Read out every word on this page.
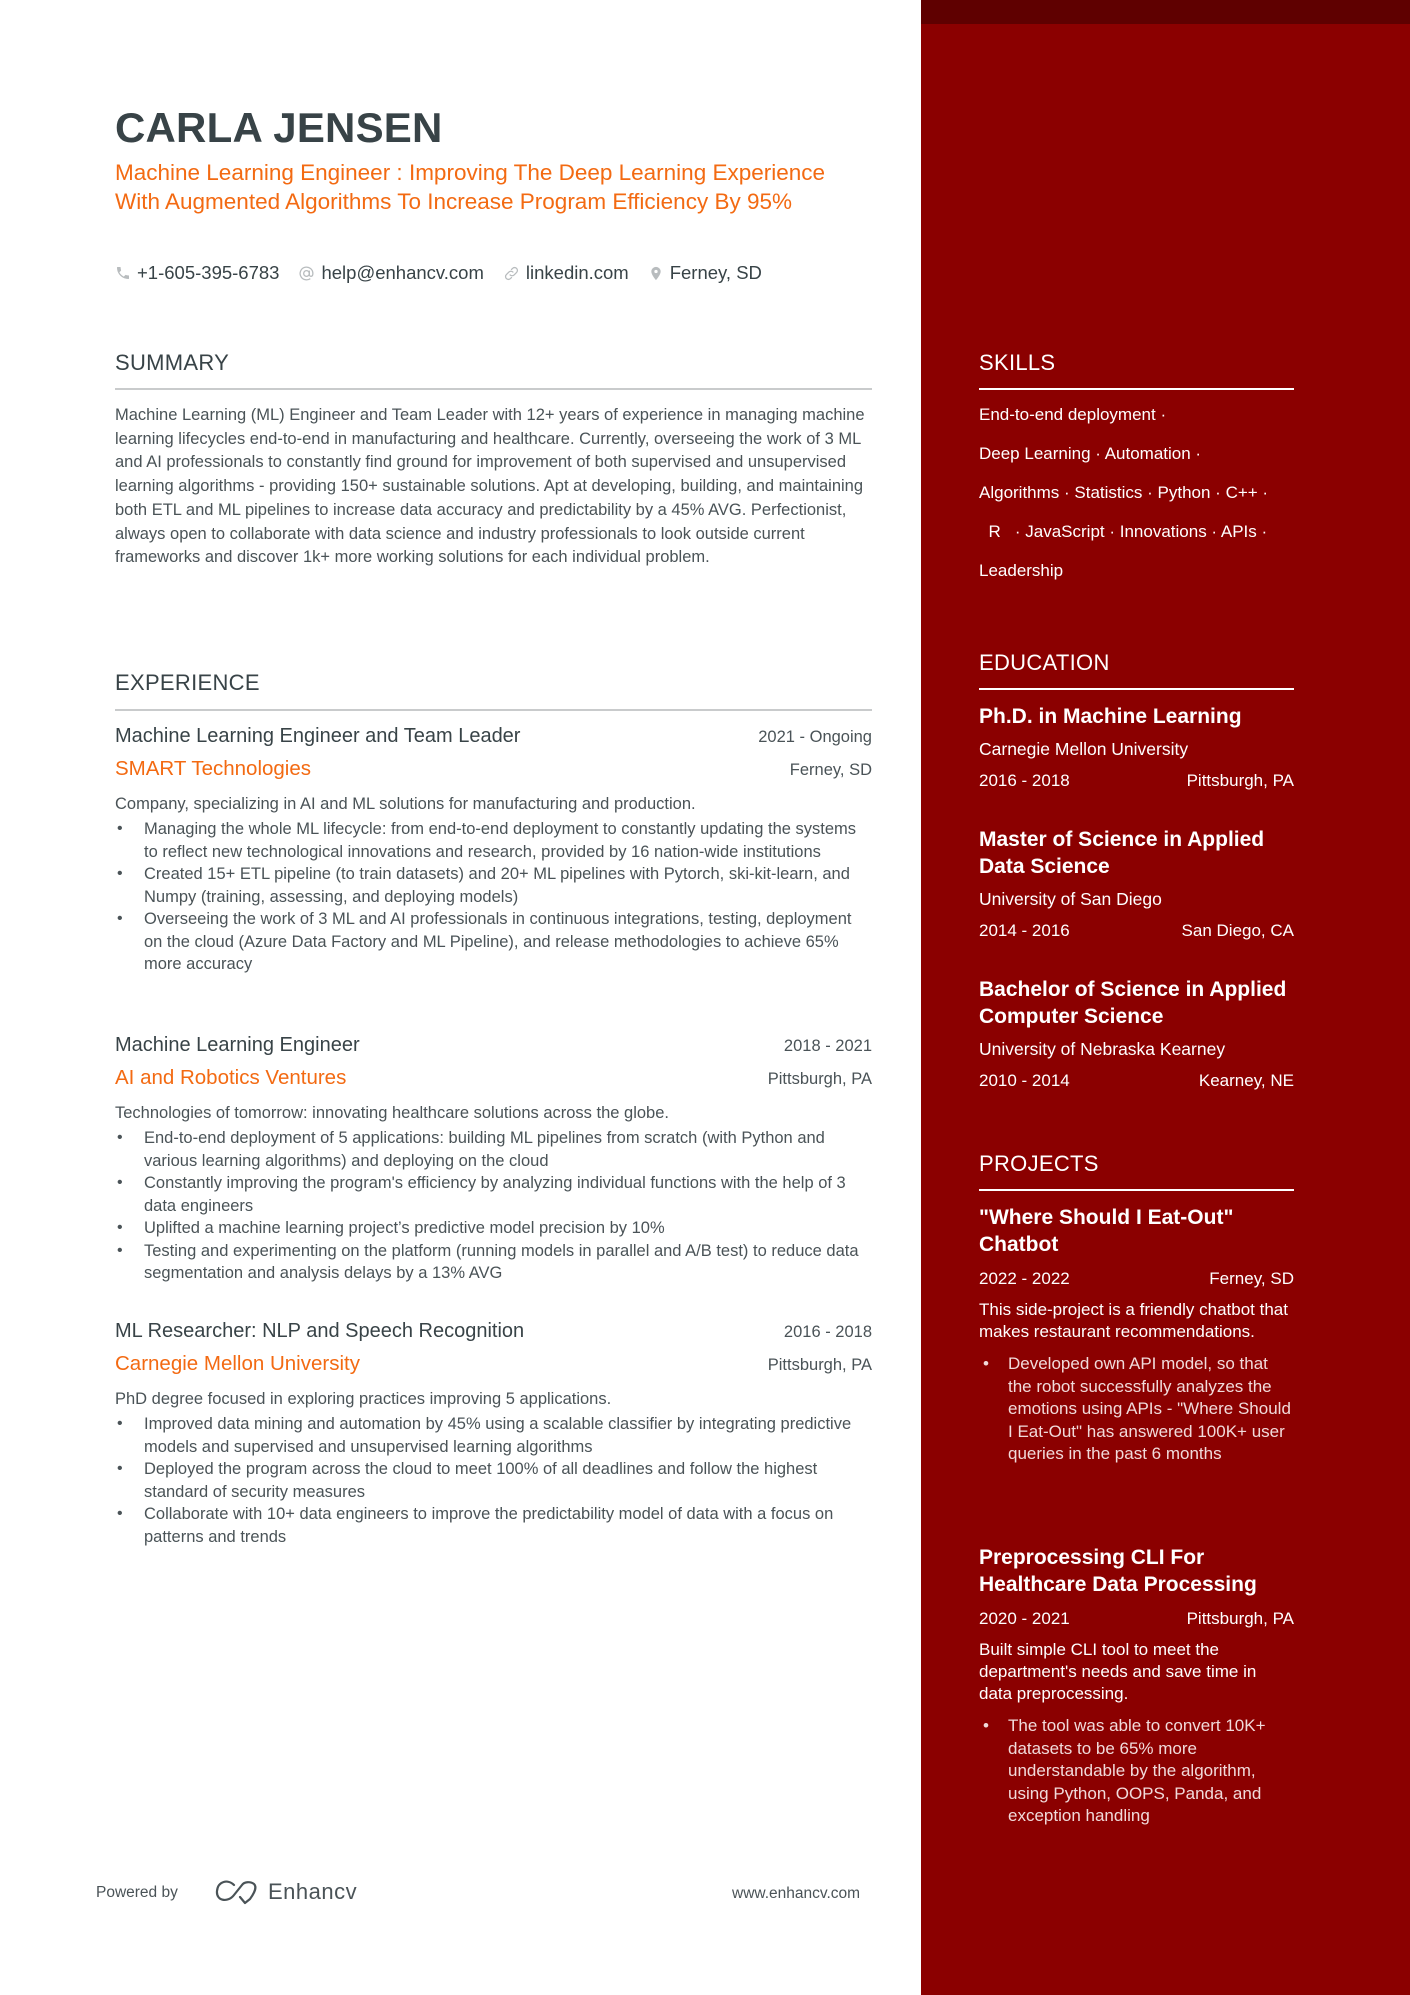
CARLA JENSEN
Machine Learning Engineer : Improving The Deep Learning Experience With Augmented Algorithms To Increase Program Efficiency By 95%
+1-605-395-6783 help@enhancv.com linkedin.com Ferney, SD
SUMMARY
Machine Learning (ML) Engineer and Team Leader with 12+ years of experience in managing machine learning lifecycles end-to-end in manufacturing and healthcare. Currently, overseeing the work of 3 ML and AI professionals to constantly find ground for improvement of both supervised and unsupervised learning algorithms - providing 150+ sustainable solutions. Apt at developing, building, and maintaining both ETL and ML pipelines to increase data accuracy and predictability by a 45% AVG. Perfectionist, always open to collaborate with data science and industry professionals to look outside current frameworks and discover 1k+ more working solutions for each individual problem.
EXPERIENCE
Machine Learning Engineer and Team Leader	2021 - Ongoing
SMART Technologies	Ferney, SD
Company, specializing in AI and ML solutions for manufacturing and production.
• Managing the whole ML lifecycle: from end-to-end deployment to constantly updating the systems to reflect new technological innovations and research, provided by 16 nation-wide institutions
• Created 15+ ETL pipeline (to train datasets) and 20+ ML pipelines with Pytorch, ski-kit-learn, and Numpy (training, assessing, and deploying models)
• Overseeing the work of 3 ML and AI professionals in continuous integrations, testing, deployment on the cloud (Azure Data Factory and ML Pipeline), and release methodologies to achieve 65% more accuracy
Machine Learning Engineer	2018 - 2021
AI and Robotics Ventures	Pittsburgh, PA
Technologies of tomorrow: innovating healthcare solutions across the globe.
• End-to-end deployment of 5 applications: building ML pipelines from scratch (with Python and various learning algorithms) and deploying on the cloud
• Constantly improving the program's efficiency by analyzing individual functions with the help of 3 data engineers
• Uplifted a machine learning project’s predictive model precision by 10%
• Testing and experimenting on the platform (running models in parallel and A/B test) to reduce data segmentation and analysis delays by a 13% AVG
ML Researcher: NLP and Speech Recognition	2016 - 2018
Carnegie Mellon University	Pittsburgh, PA
PhD degree focused in exploring practices improving 5 applications.
• Improved data mining and automation by 45% using a scalable classifier by integrating predictive models and supervised and unsupervised learning algorithms
• Deployed the program across the cloud to meet 100% of all deadlines and follow the highest standard of security measures
• Collaborate with 10+ data engineers to improve the predictability model of data with a focus on patterns and trends
Powered by	Enhancv	www.enhancv.com
SKILLS
End-to-end deployment ·
Deep Learning · Automation ·
Algorithms · Statistics · Python · C++ ·
R   · JavaScript · Innovations · APIs ·
Leadership
EDUCATION
Ph.D. in Machine Learning
Carnegie Mellon University
2016 - 2018	Pittsburgh, PA
Master of Science in Applied Data Science
University of San Diego
2014 - 2016	San Diego, CA
Bachelor of Science in Applied Computer Science
University of Nebraska Kearney
2010 - 2014	Kearney, NE
PROJECTS
"Where Should I Eat-Out" Chatbot
2022 - 2022	Ferney, SD
This side-project is a friendly chatbot that makes restaurant recommendations.
• Developed own API model, so that the robot successfully analyzes the emotions using APIs - "Where Should I Eat-Out" has answered 100K+ user queries in the past 6 months
Preprocessing CLI For Healthcare Data Processing
2020 - 2021	Pittsburgh, PA
Built simple CLI tool to meet the department's needs and save time in data preprocessing.
• The tool was able to convert 10K+ datasets to be 65% more understandable by the algorithm, using Python, OOPS, Panda, and exception handling
